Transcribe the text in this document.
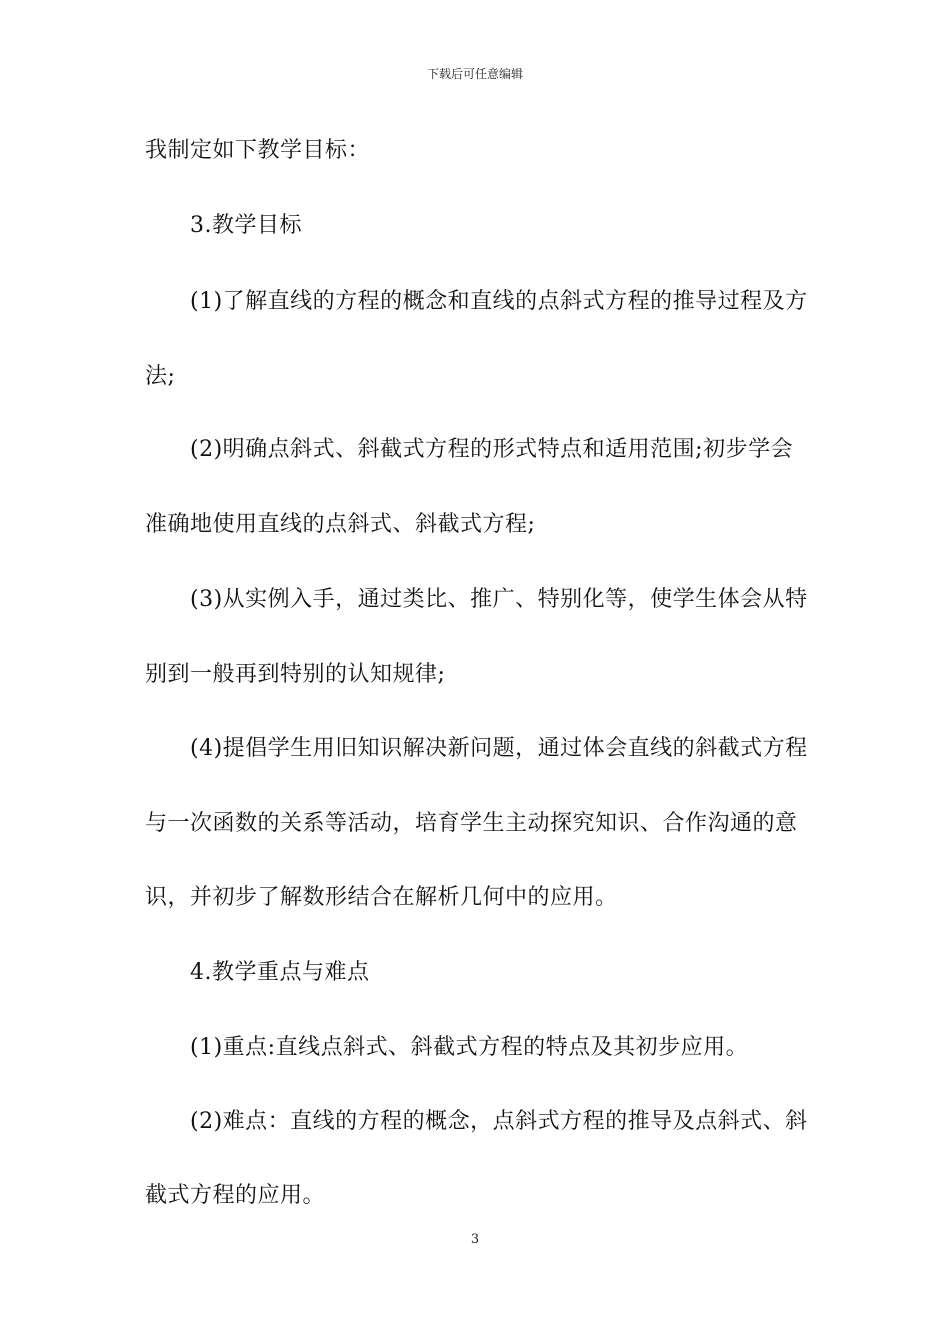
下载后可任意编辑
我制定如下教学目标：
3.教学目标
(1)了解直线的方程的概念和直线的点斜式方程的推导过程及方
法;
(2)明确点斜式、斜截式方程的形式特点和适用范围;初步学会
准确地使用直线的点斜式、斜截式方程;
(3)从实例入手，通过类比、推广、特别化等，使学生体会从特
别到一般再到特别的认知规律;
(4)提倡学生用旧知识解决新问题，通过体会直线的斜截式方程
与一次函数的关系等活动，培育学生主动探究知识、合作沟通的意
识，并初步了解数形结合在解析几何中的应用。
4.教学重点与难点
(1)重点:直线点斜式、斜截式方程的特点及其初步应用。
(2)难点：直线的方程的概念，点斜式方程的推导及点斜式、斜
截式方程的应用。
3
